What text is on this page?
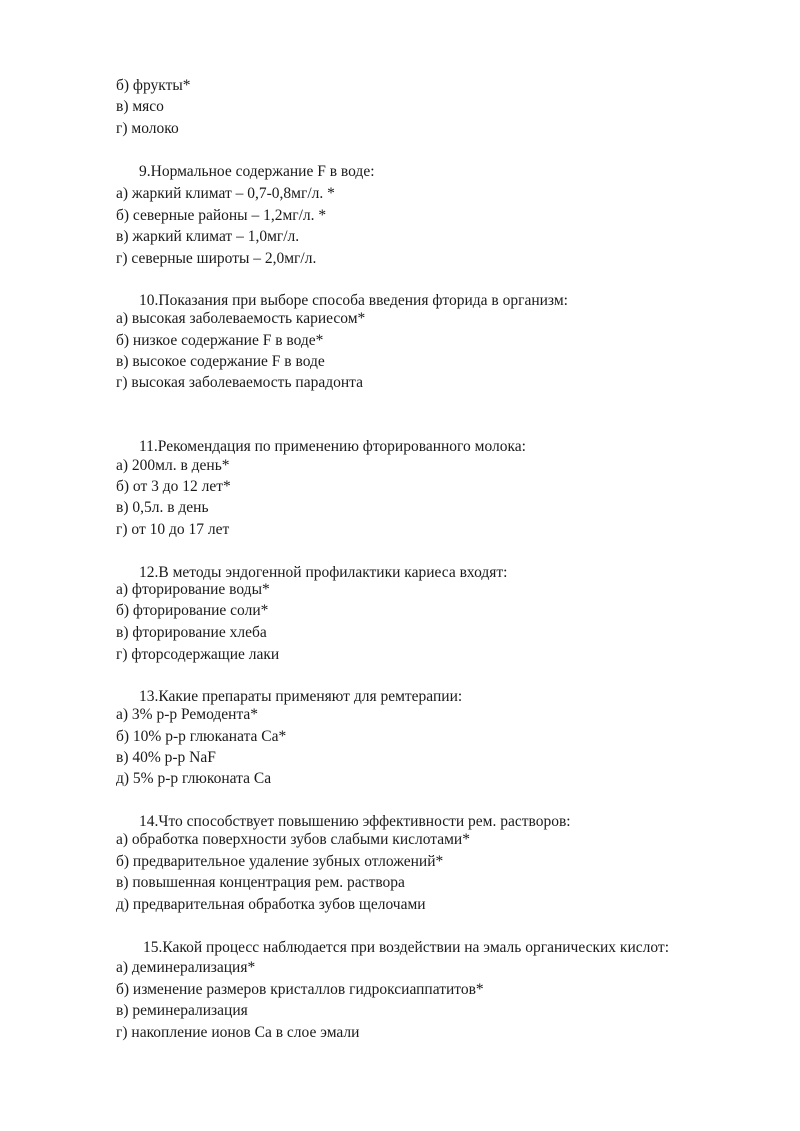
б) фрукты*
в) мясо
г) молоко
9.Нормальное содержание F в воде:
а) жаркий климат – 0,7-0,8мг/л. *
б) северные районы – 1,2мг/л. *
в) жаркий климат – 1,0мг/л.
г) северные широты – 2,0мг/л.
10.Показания при выборе способа введения фторида в организм:
а) высокая заболеваемость кариесом*
б) низкое содержание F в воде*
в) высокое содержание F в воде
г) высокая заболеваемость парадонта
11.Рекомендация по применению фторированного молока:
а) 200мл. в день*
б) от 3 до 12 лет*
в) 0,5л. в день
г) от 10 до 17 лет
12.В методы эндогенной профилактики кариеса входят:
а) фторирование воды*
б) фторирование соли*
в) фторирование хлеба
г) фторсодержащие лаки
13.Какие препараты применяют для ремтерапии:
а) 3% р-р Ремодента*
б) 10% р-р глюканата Са*
в) 40% р-р NaF
д) 5% р-р глюконата Са
14.Что способствует повышению эффективности рем. растворов:
а) обработка поверхности зубов слабыми кислотами*
б) предварительное удаление зубных отложений*
в) повышенная концентрация рем. раствора
д) предварительная обработка зубов щелочами
15.Какой процесс наблюдается при воздействии на эмаль органических кислот:
а) деминерализация*
б) изменение размеров кристаллов гидроксиаппатитов*
в) реминерализация
г) накопление ионов Са в слое эмали
